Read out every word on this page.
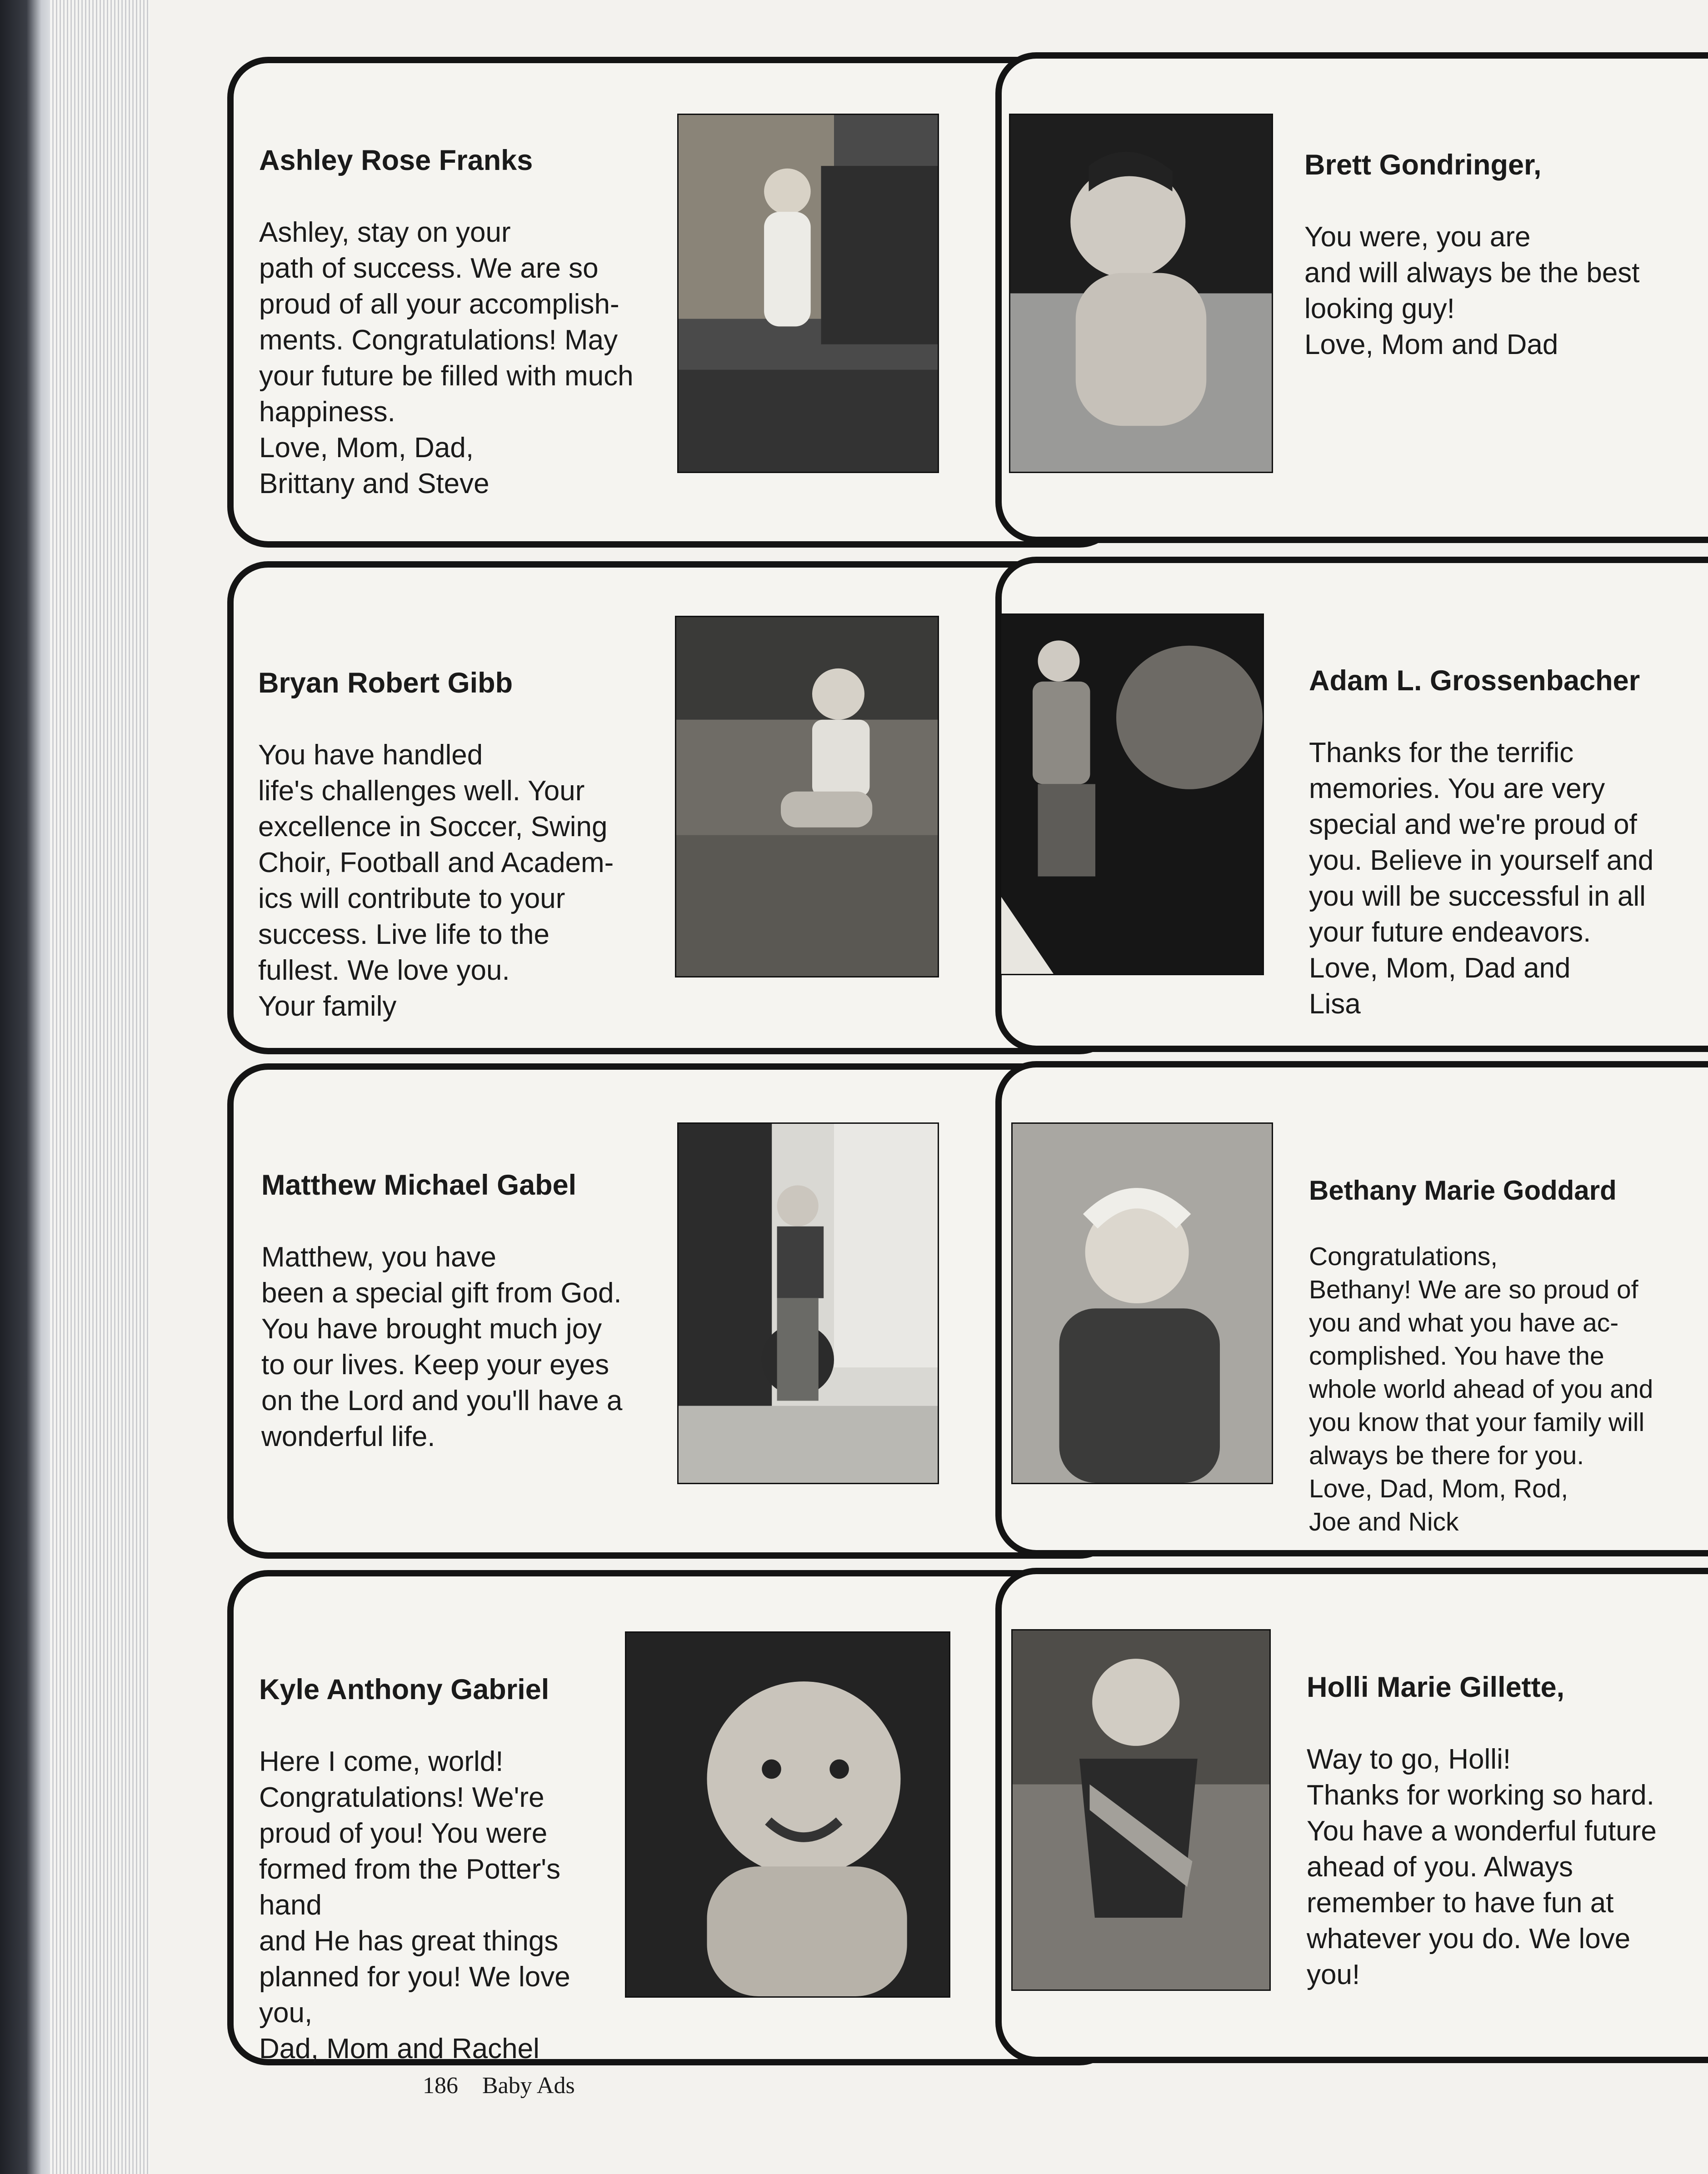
Ashley Rose Franks

Ashley, stay on your
path of success. We are so
proud of all your accomplish-
ments. Congratulations! May
your future be filled with much
happiness.
Love, Mom, Dad,
Brittany and Steve

Brett Gondringer,

You were, you are
and will always be the best
looking guy!
Love, Mom and Dad

Bryan Robert Gibb

You have handled
life's challenges well. Your
excellence in Soccer, Swing
Choir, Football and Academ-
ics will contribute to your
success. Live life to the
fullest. We love you.
Your family

Adam L. Grossenbacher

Thanks for the terrific
memories. You are very
special and we're proud of
you. Believe in yourself and
you will be successful in all
your future endeavors.
Love, Mom, Dad and
Lisa

Matthew Michael Gabel

Matthew, you have
been a special gift from God.
You have brought much joy
to our lives. Keep your eyes
on the Lord and you'll have a
wonderful life.

Bethany Marie Goddard

Congratulations,
Bethany! We are so proud of
you and what you have ac-
complished. You have the
whole world ahead of you and
you know that your family will
always be there for you.
Love, Dad, Mom, Rod,
Joe and Nick

Kyle Anthony Gabriel

Here I come, world!
Congratulations! We're
proud of you! You were
formed from the Potter's hand
and He has great things
planned for you! We love
you,
Dad, Mom and Rachel

Holli Marie Gillette,

Way to go, Holli!
Thanks for working so hard.
You have a wonderful future
ahead of you. Always
remember to have fun at
whatever you do. We love
you!

186 Baby Ads
